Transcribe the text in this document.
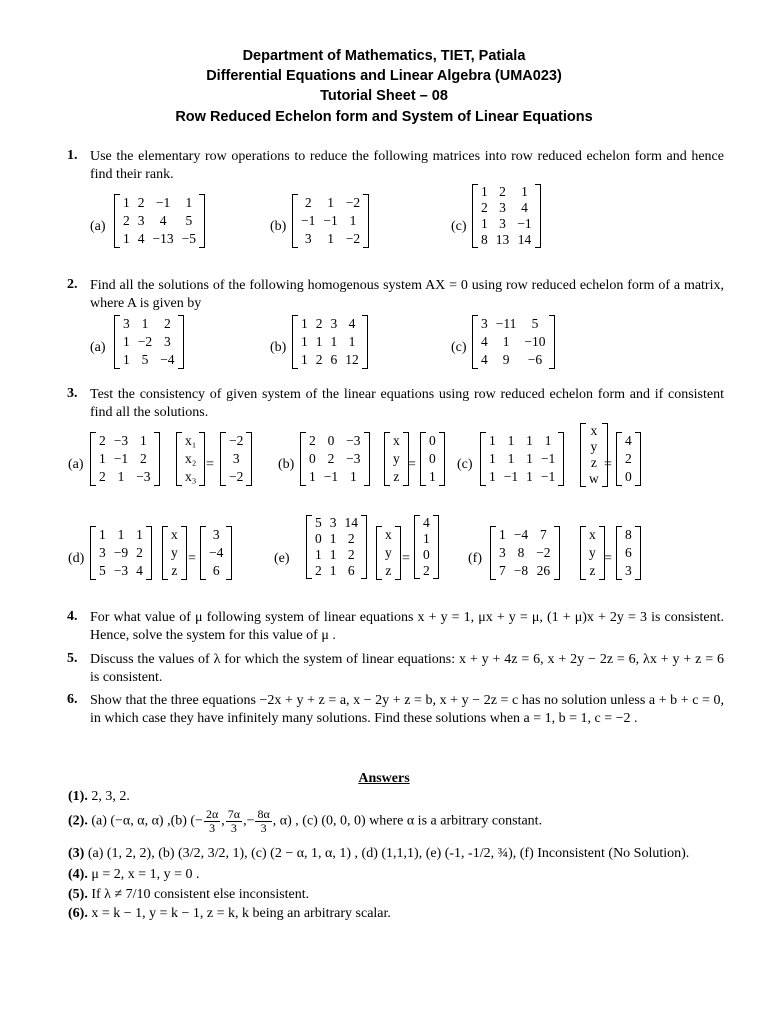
Department of Mathematics, TIET, Patiala
Differential Equations and Linear Algebra (UMA023)
Tutorial Sheet – 08
Row Reduced Echelon form and System of Linear Equations
1. Use the elementary row operations to reduce the following matrices into row reduced echelon form and hence find their rank.
(a)
1	2	−1	1
2	3	4	5
1	4	−13	−5
(b)
2	1	−2
−1	−1	1
3	1	−2
(c)
1	2	1
2	3	4
1	3	−1
8	13	14
2. Find all the solutions of the following homogenous system AX = 0 using row reduced echelon form of a matrix, where A is given by
(a)
3	1	2
1	−2	3
1	5	−4
(b)
1	2	3	4
1	1	1	1
1	2	6	12
(c)
3	−11	5
4	1	−10
4	9	−6
3. Test the consistency of given system of the linear equations using row reduced echelon form and if consistent find all the solutions.
(a)
2	−3	1
1	−1	2
2	1	−3
x₁
x₂
x₃
=
−2
3
−2
(b)
2	0	−3
0	2	−3
1	−1	1
x
y
z
=
0
0
1
(c)
1	1	1	1
1	1	1	−1
1	−1	1	−1
x
y
z
w
=
4
2
0
(d)
1	1	1
3	−9	2
5	−3	4
x
y
z
=
3
−4
6
(e)
5	3	14
0	1	2
1	1	2
2	1	6
x
y
z
=
4
1
0
2
(f)
1	−4	7
3	8	−2
7	−8	26
x
y
z
=
8
6
3
4. For what value of μ following system of linear equations x + y = 1, μx + y = μ, (1 + μ)x + 2y = 3 is consistent. Hence, solve the system for this value of μ .
5. Discuss the values of λ for which the system of linear equations: x + y + 4z = 6, x + 2y − 2z = 6, λx + y + z = 6 is consistent.
6. Show that the three equations −2x + y + z = a, x − 2y + z = b, x + y − 2z = c has no solution unless a + b + c = 0, in which case they have infinitely many solutions. Find these solutions when a = 1, b = 1, c = −2 .
Answers
(1). 2, 3, 2.
(2). (a) (−α, α, α) ,(b) (− $\frac{2\alpha}{3}$ , $\frac{7\alpha}{3}$ ,− $\frac{8\alpha}{3}$ , α) , (c) (0, 0, 0) where α is a arbitrary constant.
(3) (a) (1, 2, 2), (b) (3/2, 3/2, 1), (c) (2 − α, 1, α, 1) , (d) (1,1,1), (e) (-1, -1/2, ¾), (f) Inconsistent (No Solution).
(4). μ = 2, x = 1, y = 0 .
(5). If λ ≠ 7/10 consistent else inconsistent.
(6). x = k − 1, y = k − 1, z = k, k being an arbitrary scalar.
